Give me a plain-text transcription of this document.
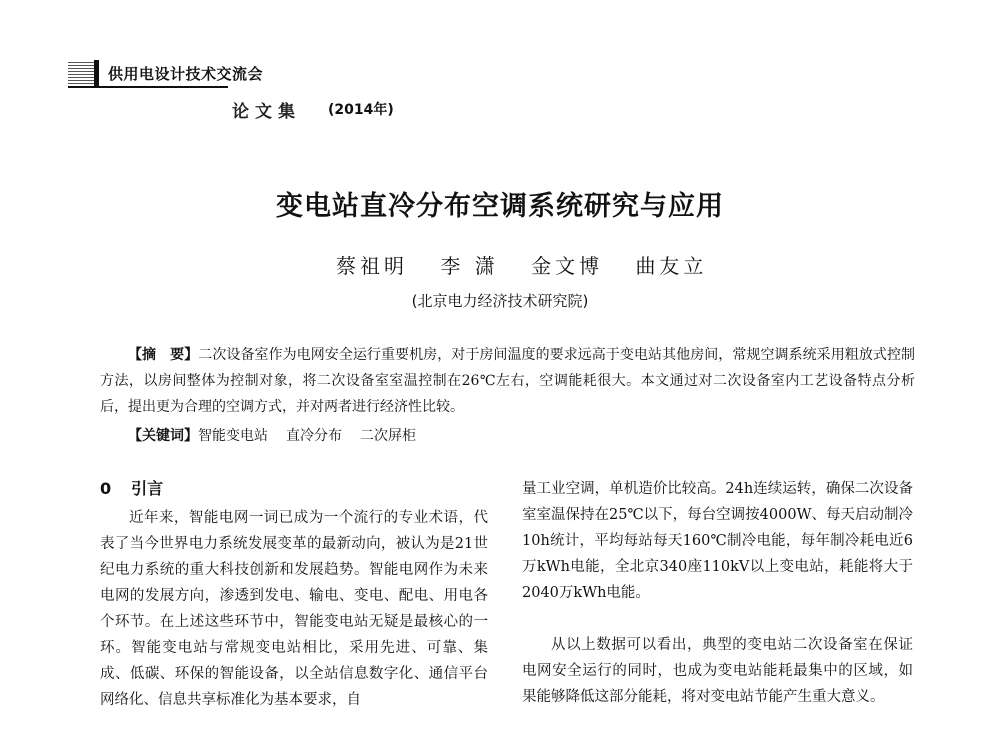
供用电设计技术交流会
论文集 (2014年)
变电站直冷分布空调系统研究与应用
蔡祖明 李 潇 金文博 曲友立
(北京电力经济技术研究院)
【摘　要】二次设备室作为电网安全运行重要机房，对于房间温度的要求远高于变电站其他房间，常规空调系统采用粗放式控制方法，以房间整体为控制对象，将二次设备室室温控制在26℃左右，空调能耗很大。本文通过对二次设备室内工艺设备特点分析后，提出更为合理的空调方式，并对两者进行经济性比较。
【关键词】智能变电站 直冷分布 二次屏柜
0 引言
近年来，智能电网一词已成为一个流行的专业术语，代表了当今世界电力系统发展变革的最新动向，被认为是21世纪电力系统的重大科技创新和发展趋势。智能电网作为未来电网的发展方向，渗透到发电、输电、变电、配电、用电各个环节。在上述这些环节中，智能变电站无疑是最核心的一环。智能变电站与常规变电站相比，采用先进、可靠、集成、低碳、环保的智能设备，以全站信息数字化、通信平台网络化、信息共享标准化为基本要求，自
量工业空调，单机造价比较高。24h连续运转，确保二次设备室室温保持在25℃以下，每台空调按4000W、每天启动制冷10h统计，平均每站每天160℃制冷电能，每年制冷耗电近6万kWh电能，全北京340座110kV以上变电站，耗能将大于2040万kWh电能。
从以上数据可以看出，典型的变电站二次设备室在保证电网安全运行的同时，也成为变电站能耗最集中的区域，如果能够降低这部分能耗，将对变电站节能产生重大意义。
